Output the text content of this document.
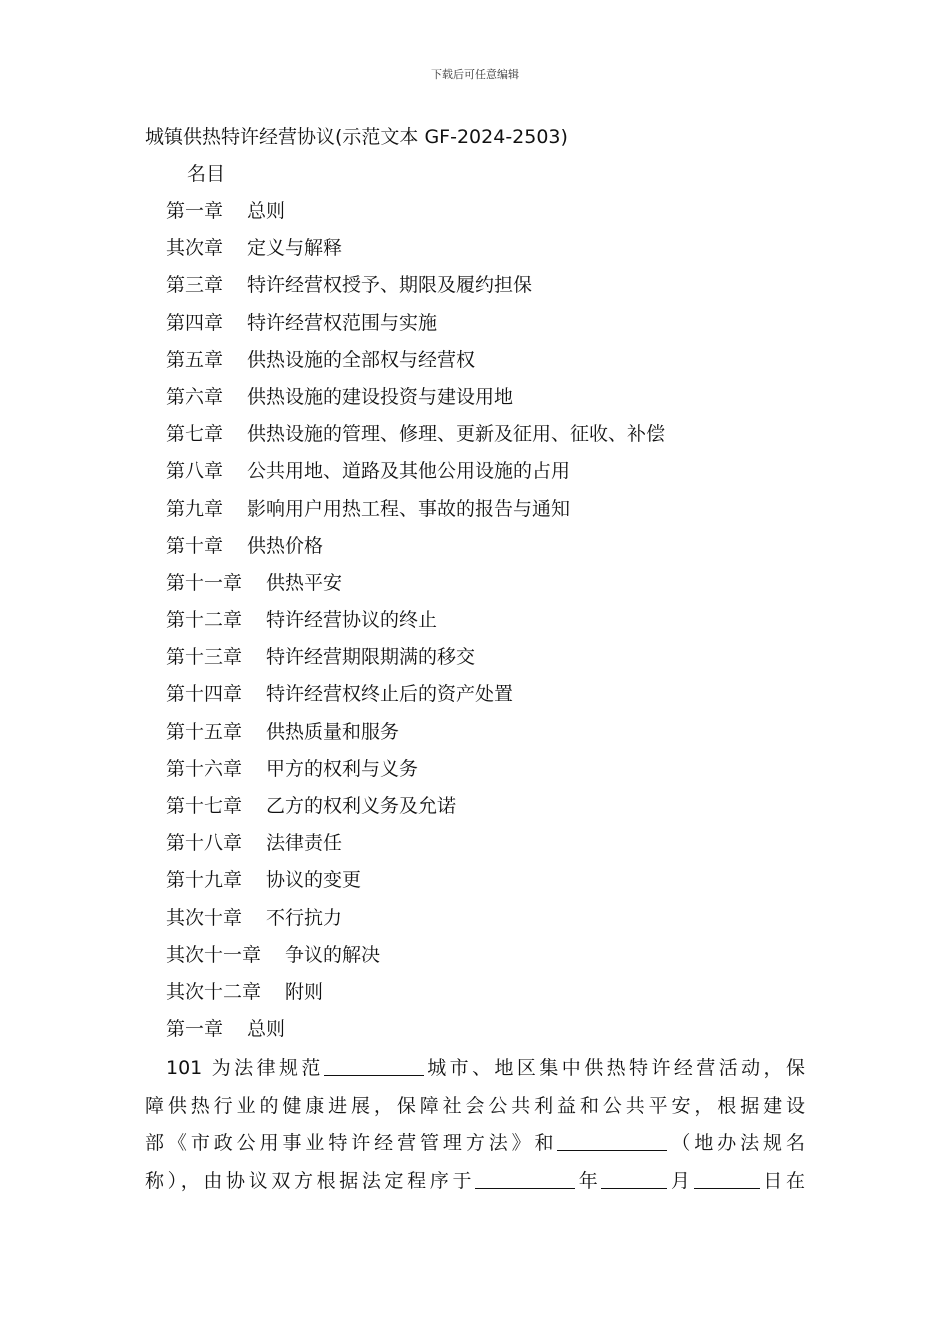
下载后可任意编辑
城镇供热特许经营协议(示范文本 GF-2024-2503)
名目
第一章 总则
其次章 定义与解释
第三章 特许经营权授予、期限及履约担保
第四章 特许经营权范围与实施
第五章 供热设施的全部权与经营权
第六章 供热设施的建设投资与建设用地
第七章 供热设施的管理、修理、更新及征用、征收、补偿
第八章 公共用地、道路及其他公用设施的占用
第九章 影响用户用热工程、事故的报告与通知
第十章 供热价格
第十一章 供热平安
第十二章 特许经营协议的终止
第十三章 特许经营期限期满的移交
第十四章 特许经营权终止后的资产处置
第十五章 供热质量和服务
第十六章 甲方的权利与义务
第十七章 乙方的权利义务及允诺
第十八章 法律责任
第十九章 协议的变更
其次十章 不行抗力
其次十一章 争议的解决
其次十二章 附则
第一章 总则
101 为法律规范	城市、地区集中供热特许经营活动，保
障供热行业的健康进展，保障社会公共利益和公共平安，根据建设
部《市政公用事业特许经营管理方法》和	（地办法规名
称），由协议双方根据法定程序于	年	月	日在
